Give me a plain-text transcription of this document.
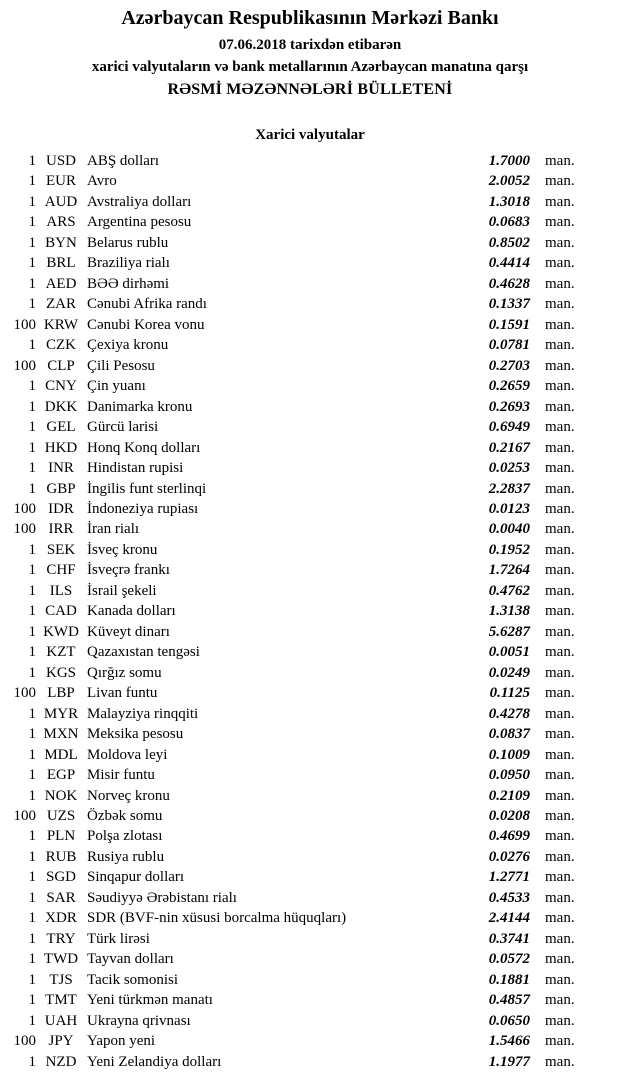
Azərbaycan Respublikasının Mərkəzi Bankı
07.06.2018 tarixdən etibarən
xarici valyutaların və bank metallarının Azərbaycan manatına qarşı
RƏSMİ MƏZƏNNƏLƏRİ BÜLLETENİ
Xarici valyutalar
1 USD ABŞ dolları	1.7000 man.
1 EUR Avro	2.0052 man.
1 AUD Avstraliya dolları	1.3018 man.
1 ARS Argentina pesosu	0.0683 man.
1 BYN Belarus rublu	0.8502 man.
1 BRL Braziliya rialı	0.4414 man.
1 AED BƏƏ dirhəmi	0.4628 man.
1 ZAR Cənubi Afrika randı	0.1337 man.
100 KRW Cənubi Korea vonu	0.1591 man.
1 CZK Çexiya kronu	0.0781 man.
100 CLP Çili Pesosu	0.2703 man.
1 CNY Çin yuanı	0.2659 man.
1 DKK Danimarka kronu	0.2693 man.
1 GEL Gürcü larisi	0.6949 man.
1 HKD Honq Konq dolları	0.2167 man.
1 INR Hindistan rupisi	0.0253 man.
1 GBP İngilis funt sterlinqi	2.2837 man.
100 IDR İndoneziya rupiası	0.0123 man.
100 IRR İran rialı	0.0040 man.
1 SEK İsveç kronu	0.1952 man.
1 CHF İsveçrə frankı	1.7264 man.
1 ILS İsrail şekeli	0.4762 man.
1 CAD Kanada dolları	1.3138 man.
1 KWD Küveyt dinarı	5.6287 man.
1 KZT Qazaxıstan tengəsi	0.0051 man.
1 KGS Qırğız somu	0.0249 man.
100 LBP Livan funtu	0.1125 man.
1 MYR Malayziya rinqqiti	0.4278 man.
1 MXN Meksika pesosu	0.0837 man.
1 MDL Moldova leyi	0.1009 man.
1 EGP Misir funtu	0.0950 man.
1 NOK Norveç kronu	0.2109 man.
100 UZS Özbək somu	0.0208 man.
1 PLN Polşa zlotası	0.4699 man.
1 RUB Rusiya rublu	0.0276 man.
1 SGD Sinqapur dolları	1.2771 man.
1 SAR Səudiyyə Ərəbistanı rialı	0.4533 man.
1 XDR SDR (BVF-nin xüsusi borcalma hüquqları)	2.4144 man.
1 TRY Türk lirəsi	0.3741 man.
1 TWD Tayvan dolları	0.0572 man.
1 TJS Tacik somonisi	0.1881 man.
1 TMT Yeni türkmən manatı	0.4857 man.
1 UAH Ukrayna qrivnası	0.0650 man.
100 JPY Yapon yeni	1.5466 man.
1 NZD Yeni Zelandiya dolları	1.1977 man.
